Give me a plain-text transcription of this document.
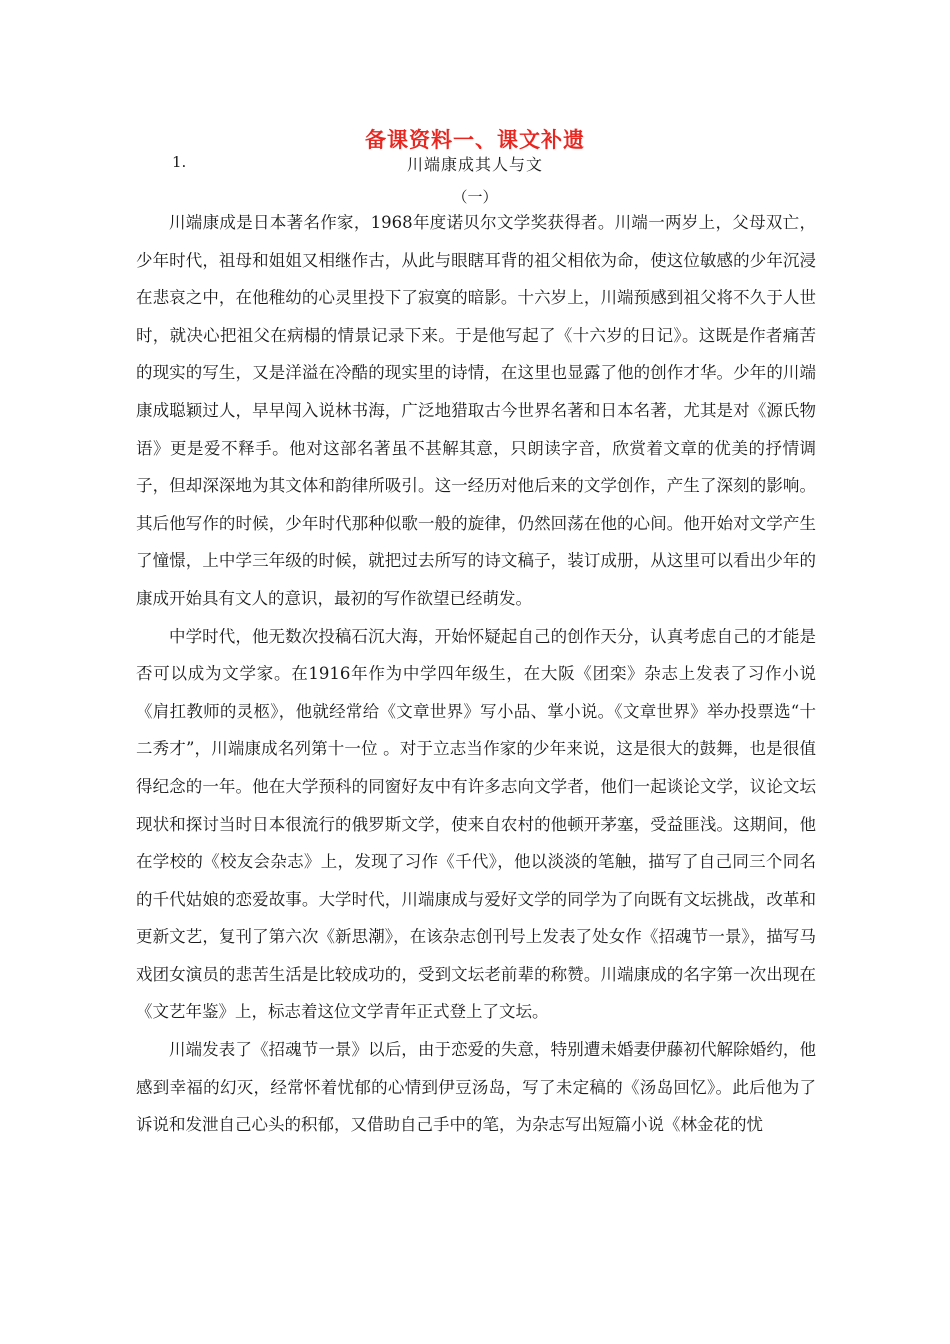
备课资料一、课文补遗
1.	川端康成其人与文
（一）

川端康成是日本著名作家，1968年度诺贝尔文学奖获得者。川端一两岁上，父母双亡，少年时代，祖母和姐姐又相继作古，从此与眼瞎耳背的祖父相依为命，使这位敏感的少年沉浸在悲哀之中，在他稚幼的心灵里投下了寂寞的暗影。十六岁上，川端预感到祖父将不久于人世时，就决心把祖父在病榻的情景记录下来。于是他写起了《十六岁的日记》。这既是作者痛苦的现实的写生，又是洋溢在冷酷的现实里的诗情，在这里也显露了他的创作才华。少年的川端康成聪颖过人，早早闯入说林书海，广泛地猎取古今世界名著和日本名著，尤其是对《源氏物语》更是爱不释手。他对这部名著虽不甚解其意，只朗读字音，欣赏着文章的优美的抒情调子，但却深深地为其文体和韵律所吸引。这一经历对他后来的文学创作，产生了深刻的影响。其后他写作的时候，少年时代那种似歌一般的旋律，仍然回荡在他的心间。他开始对文学产生了憧憬，上中学三年级的时候，就把过去所写的诗文稿子，装订成册，从这里可以看出少年的康成开始具有文人的意识，最初的写作欲望已经萌发。

中学时代，他无数次投稿石沉大海，开始怀疑起自己的创作天分，认真考虑自己的才能是否可以成为文学家。在1916年作为中学四年级生，在大阪《团栾》杂志上发表了习作小说《肩扛教师的灵柩》，他就经常给《文章世界》写小品、掌小说。《文章世界》举办投票选“十二秀才”，川端康成名列第十一位 。对于立志当作家的少年来说，这是很大的鼓舞，也是很值得纪念的一年。他在大学预科的同窗好友中有许多志向文学者，他们一起谈论文学，议论文坛现状和探讨当时日本很流行的俄罗斯文学，使来自农村的他顿开茅塞，受益匪浅。这期间，他在学校的《校友会杂志》上，发现了习作《千代》，他以淡淡的笔触，描写了自己同三个同名的千代姑娘的恋爱故事。大学时代，川端康成与爱好文学的同学为了向既有文坛挑战，改革和更新文艺，复刊了第六次《新思潮》，在该杂志创刊号上发表了处女作《招魂节一景》，描写马戏团女演员的悲苦生活是比较成功的，受到文坛老前辈的称赞。川端康成的名字第一次出现在《文艺年鉴》上，标志着这位文学青年正式登上了文坛。

川端发表了《招魂节一景》以后，由于恋爱的失意，特别遭未婚妻伊藤初代解除婚约，他感到幸福的幻灭，经常怀着忧郁的心情到伊豆汤岛，写了未定稿的《汤岛回忆》。此后他为了诉说和发泄自己心头的积郁，又借助自己手中的笔，为杂志写出短篇小说《林金花的忧
